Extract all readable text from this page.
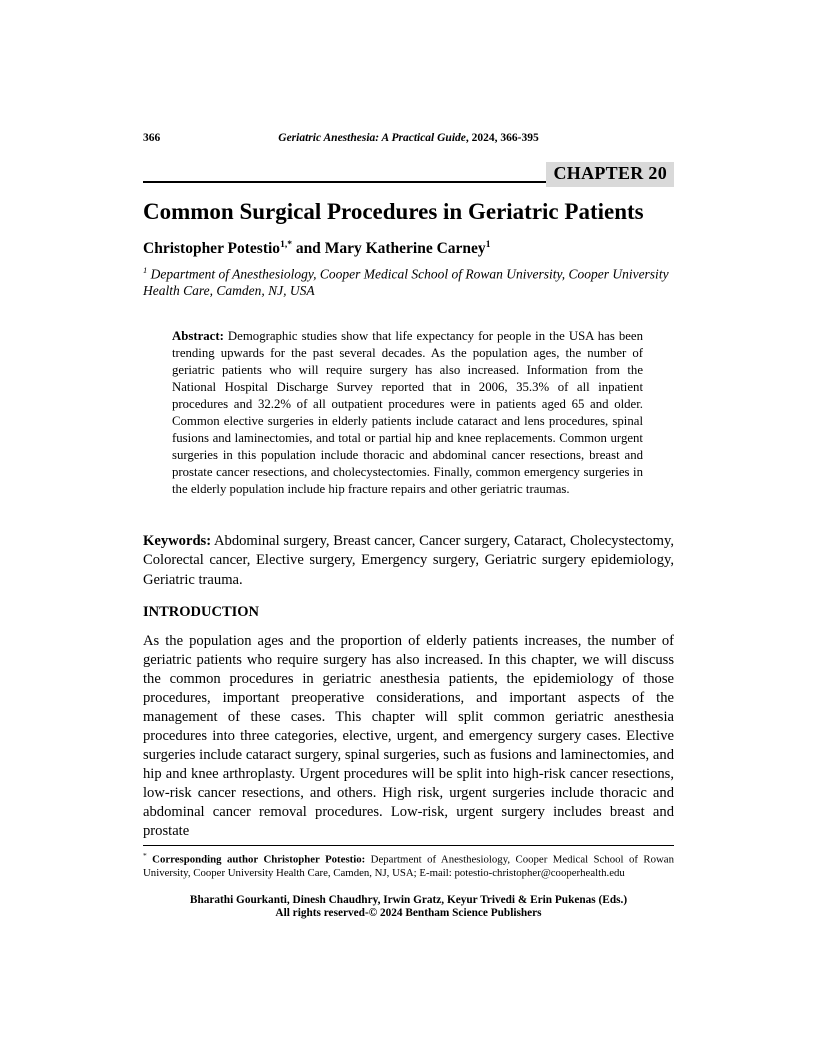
366	Geriatric Anesthesia: A Practical Guide, 2024, 366-395
CHAPTER 20
Common Surgical Procedures in Geriatric Patients
Christopher Potestio$^{1,*}$ and Mary Katherine Carney$^1$
$^1$ Department of Anesthesiology, Cooper Medical School of Rowan University, Cooper University Health Care, Camden, NJ, USA
Abstract: Demographic studies show that life expectancy for people in the USA has been trending upwards for the past several decades. As the population ages, the number of geriatric patients who will require surgery has also increased. Information from the National Hospital Discharge Survey reported that in 2006, 35.3% of all inpatient procedures and 32.2% of all outpatient procedures were in patients aged 65 and older. Common elective surgeries in elderly patients include cataract and lens procedures, spinal fusions and laminectomies, and total or partial hip and knee replacements. Common urgent surgeries in this population include thoracic and abdominal cancer resections, breast and prostate cancer resections, and cholecystectomies. Finally, common emergency surgeries in the elderly population include hip fracture repairs and other geriatric traumas.
Keywords: Abdominal surgery, Breast cancer, Cancer surgery, Cataract, Cholecystectomy, Colorectal cancer, Elective surgery, Emergency surgery, Geriatric surgery epidemiology, Geriatric trauma.
INTRODUCTION

As the population ages and the proportion of elderly patients increases, the number of geriatric patients who require surgery has also increased. In this chapter, we will discuss the common procedures in geriatric anesthesia patients, the epidemiology of those procedures, important preoperative considerations, and important aspects of the management of these cases. This chapter will split common geriatric anesthesia procedures into three categories, elective, urgent, and emergency surgery cases. Elective surgeries include cataract surgery, spinal surgeries, such as fusions and laminectomies, and hip and knee arthroplasty. Urgent procedures will be split into high-risk cancer resections, low-risk cancer resections, and others. High risk, urgent surgeries include thoracic and abdominal cancer removal procedures. Low-risk, urgent surgery includes breast and prostate

* Corresponding author Christopher Potestio: Department of Anesthesiology, Cooper Medical School of Rowan University, Cooper University Health Care, Camden, NJ, USA; E-mail: potestio-christopher@cooperhealth.edu
Bharathi Gourkanti, Dinesh Chaudhry, Irwin Gratz, Keyur Trivedi & Erin Pukenas (Eds.)
All rights reserved-© 2024 Bentham Science Publishers
